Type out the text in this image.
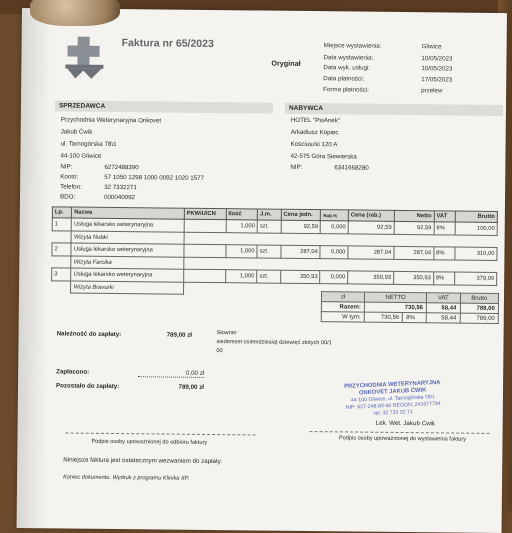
Faktura nr 65/2023
Oryginał
Miejsce wystawienia:	Gliwice
Data wystawienia:	10/05/2023
Data wyk. usługi:	10/05/2023
Data płatności:	17/05/2023
Forma płatności:	przelew
SPRZEDAWCA
Przychodnia Weterynaryjna Onkovet
Jakub Ćwik
ul. Tarnogórska 78\1
44-100 Gliwice
NIP:	6272488390
Konto:	57 1050 1298 1000 0092 1020 1577
Telefon:	32 7332271
BDO:	000040092
NABYWCA
HOTEL "PsiAnek"
Arkadiusz Kopiec
Kościuszki 120 A
42-575 Góra Siewierska
NIP:	6341668280
Lp.	Nazwa	PKWiU/CN	Ilość	J.m.	Cena jedn.	Rab.%	Cena (rab.)	Netto	VAT	Brutto
1	Usługa lekarsko weterynaryjna		1,000	szt.	92,59	0,000	92,59	92,59	8%	100,00
	Wizyta Nubki									
2	Usługa lekarsko weterynaryjna		1,000	szt.	287,04	0,000	287,04	287,04	8%	310,00
	Wizyta Farcika									
3	Usługa lekarsko weterynaryjna		1,000	szt.	350,93	0,000	350,93	350,93	8%	379,00
	Wizyta Bravurki									
zł	NETTO		VAT	Brutto
Razem:	730,56		58,44	789,00
W tym:	730,56	8%	58,44	789,00
Należność do zapłaty:	789,00 zł	Słownie:
siedemset osiemdziesiąt dziewięć złotych 00/1
00
Zapłacono:	0,00 zł
Pozostało do zapłaty:	789,00 zł	PRZYCHODNIA WETERYNARYJNA
ONKOVET JAKUB ĆWIK
44-100 Gliwice, ul. Tarnogórska 78/1
NIP: 627-248-83-90 REGON: 241677794
tel. 32 733 22 71
Lek. Wet. Jakub Ćwik
Podpis osoby upoważnionej do odbioru faktury	Podpis osoby upoważnionej do wystawienia faktury
Niniejsza faktura jest ostatecznym wezwaniem do zapłaty.
Koniec dokumentu. Wydruk z programu Klinika XP.
